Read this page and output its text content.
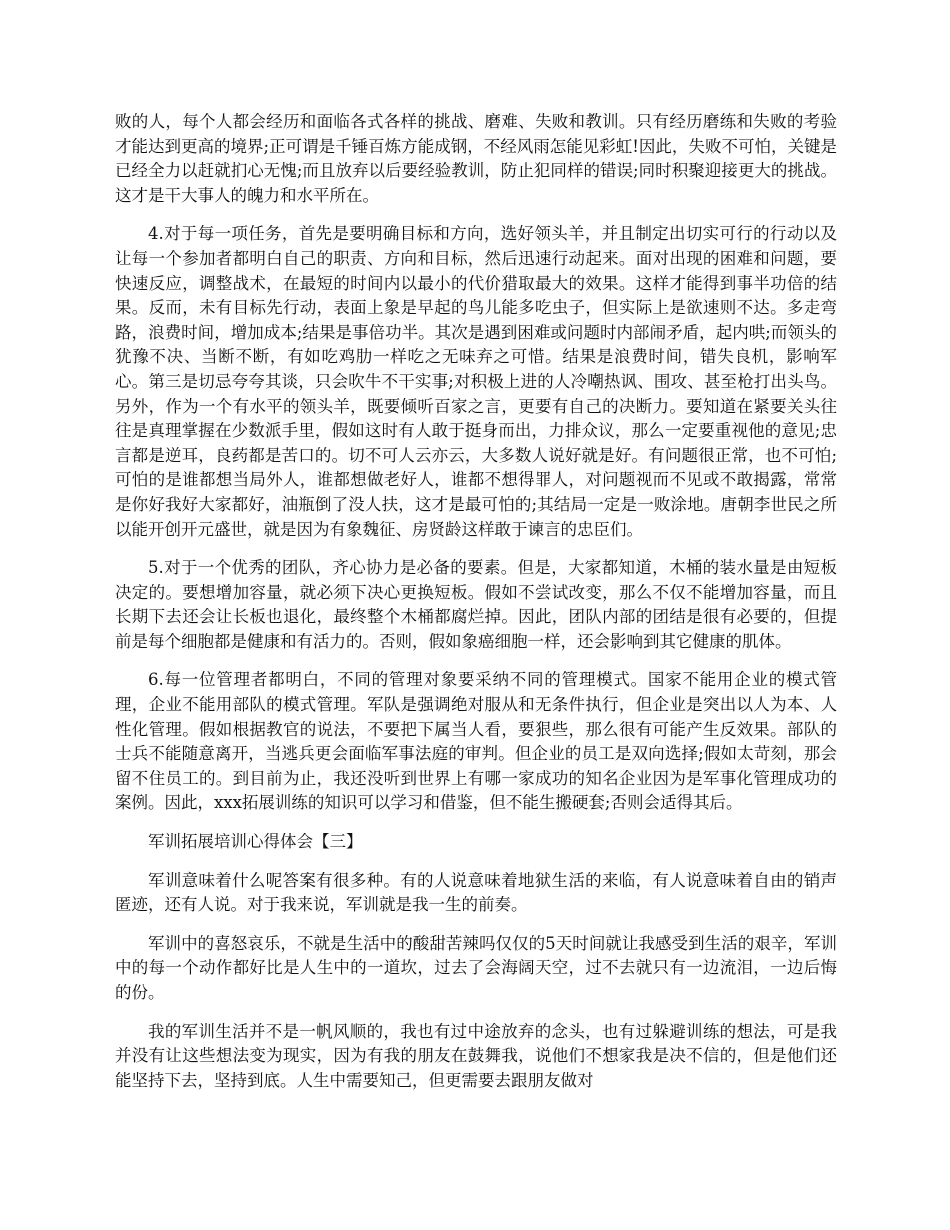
败的人，每个人都会经历和面临各式各样的挑战、磨难、失败和教训。只有经历磨练和失败的考验才能达到更高的境界;正可谓是千锤百炼方能成钢，不经风雨怎能见彩虹!因此，失败不可怕，关键是已经全力以赶就扪心无愧;而且放弃以后要经验教训，防止犯同样的错误;同时积聚迎接更大的挑战。这才是干大事人的魄力和水平所在。

4.对于每一项任务，首先是要明确目标和方向，选好领头羊，并且制定出切实可行的行动以及让每一个参加者都明白自己的职责、方向和目标，然后迅速行动起来。面对出现的困难和问题，要快速反应，调整战术，在最短的时间内以最小的代价猎取最大的效果。这样才能得到事半功倍的结果。反而，未有目标先行动，表面上象是早起的鸟儿能多吃虫子，但实际上是欲速则不达。多走弯路，浪费时间，增加成本;结果是事倍功半。其次是遇到困难或问题时内部闹矛盾，起内哄;而领头的犹豫不决、当断不断，有如吃鸡肋一样吃之无味弃之可惜。结果是浪费时间，错失良机，影响军心。第三是切忌夸夸其谈，只会吹牛不干实事;对积极上进的人冷嘲热讽、围攻、甚至枪打出头鸟。另外，作为一个有水平的领头羊，既要倾听百家之言，更要有自己的决断力。要知道在紧要关头往往是真理掌握在少数派手里，假如这时有人敢于挺身而出，力排众议，那么一定要重视他的意见;忠言都是逆耳，良药都是苦口的。切不可人云亦云，大多数人说好就是好。有问题很正常，也不可怕;可怕的是谁都想当局外人，谁都想做老好人，谁都不想得罪人，对问题视而不见或不敢揭露，常常是你好我好大家都好，油瓶倒了没人扶，这才是最可怕的;其结局一定是一败涂地。唐朝李世民之所以能开创开元盛世，就是因为有象魏征、房贤龄这样敢于谏言的忠臣们。

5.对于一个优秀的团队，齐心协力是必备的要素。但是，大家都知道，木桶的装水量是由短板决定的。要想增加容量，就必须下决心更换短板。假如不尝试改变，那么不仅不能增加容量，而且长期下去还会让长板也退化，最终整个木桶都腐烂掉。因此，团队内部的团结是很有必要的，但提前是每个细胞都是健康和有活力的。否则，假如象癌细胞一样，还会影响到其它健康的肌体。

6.每一位管理者都明白，不同的管理对象要采纳不同的管理模式。国家不能用企业的模式管理，企业不能用部队的模式管理。军队是强调绝对服从和无条件执行，但企业是突出以人为本、人性化管理。假如根据教官的说法，不要把下属当人看，要狠些，那么很有可能产生反效果。部队的士兵不能随意离开，当逃兵更会面临军事法庭的审判。但企业的员工是双向选择;假如太苛刻，那会留不住员工的。到目前为止，我还没听到世界上有哪一家成功的知名企业因为是军事化管理成功的案例。因此，xxx拓展训练的知识可以学习和借鉴，但不能生搬硬套;否则会适得其后。

军训拓展培训心得体会【三】

军训意味着什么呢答案有很多种。有的人说意味着地狱生活的来临，有人说意味着自由的销声匿迹，还有人说。对于我来说，军训就是我一生的前奏。

军训中的喜怒哀乐，不就是生活中的酸甜苦辣吗仅仅的5天时间就让我感受到生活的艰辛，军训中的每一个动作都好比是人生中的一道坎，过去了会海阔天空，过不去就只有一边流泪，一边后悔的份。

我的军训生活并不是一帆风顺的，我也有过中途放弃的念头，也有过躲避训练的想法，可是我并没有让这些想法变为现实，因为有我的朋友在鼓舞我，说他们不想家我是决不信的，但是他们还能坚持下去，坚持到底。人生中需要知己，但更需要去跟朋友做对
